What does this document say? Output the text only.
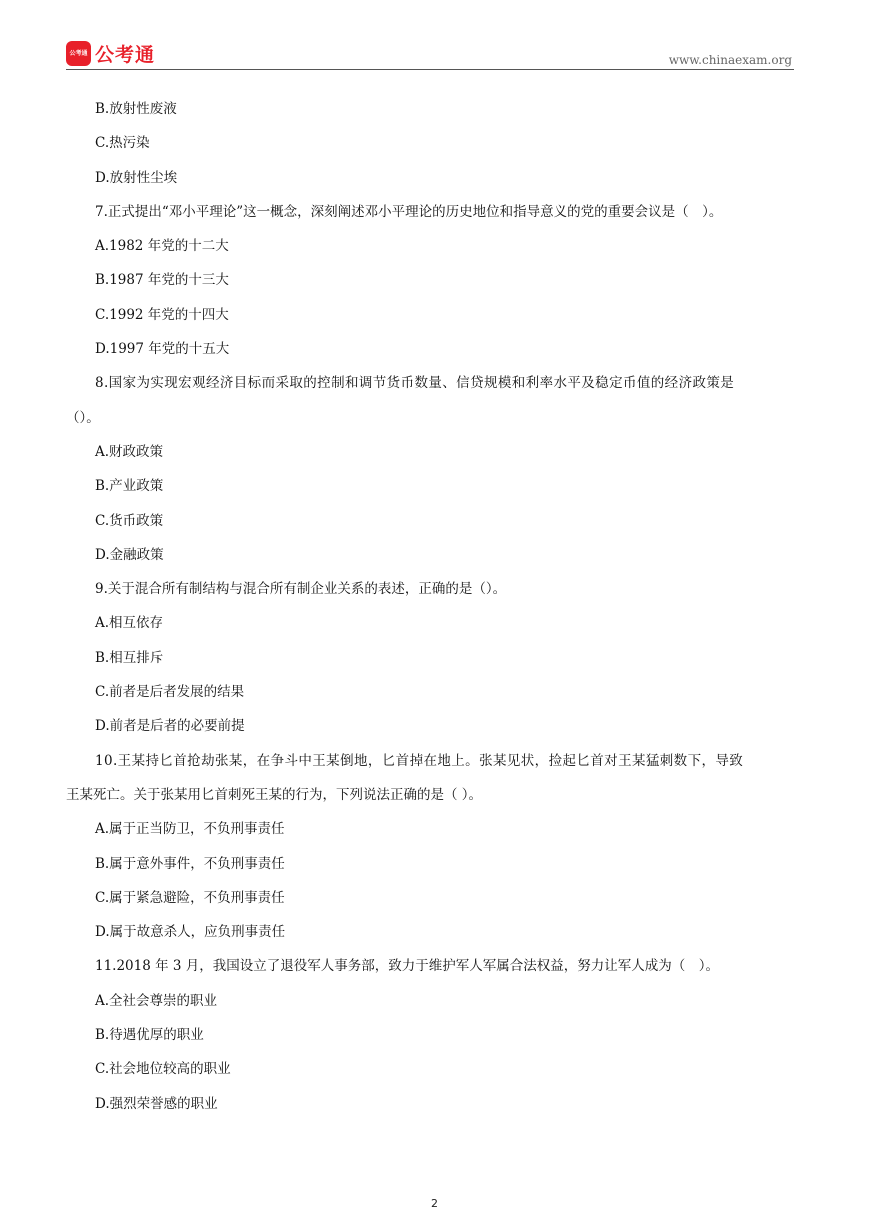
公考通 公考通	www.chinaexam.org
B.放射性废液
C.热污染
D.放射性尘埃
7.正式提出“邓小平理论”这一概念，深刻阐述邓小平理论的历史地位和指导意义的党的重要会议是（　）。
A.1982 年党的十二大
B.1987 年党的十三大
C.1992 年党的十四大
D.1997 年党的十五大
8.国家为实现宏观经济目标而采取的控制和调节货币数量、信贷规模和利率水平及稳定币值的经济政策是
（）。
A.财政政策
B.产业政策
C.货币政策
D.金融政策
9.关于混合所有制结构与混合所有制企业关系的表述，正确的是（）。
A.相互依存
B.相互排斥
C.前者是后者发展的结果
D.前者是后者的必要前提
10.王某持匕首抢劫张某，在争斗中王某倒地，匕首掉在地上。张某见状，捡起匕首对王某猛刺数下，导致
王某死亡。关于张某用匕首刺死王某的行为，下列说法正确的是（ ）。
A.属于正当防卫，不负刑事责任
B.属于意外事件，不负刑事责任
C.属于紧急避险，不负刑事责任
D.属于故意杀人，应负刑事责任
11.2018 年 3 月，我国设立了退役军人事务部，致力于维护军人军属合法权益，努力让军人成为（　）。
A.全社会尊崇的职业
B.待遇优厚的职业
C.社会地位较高的职业
D.强烈荣誉感的职业
2
